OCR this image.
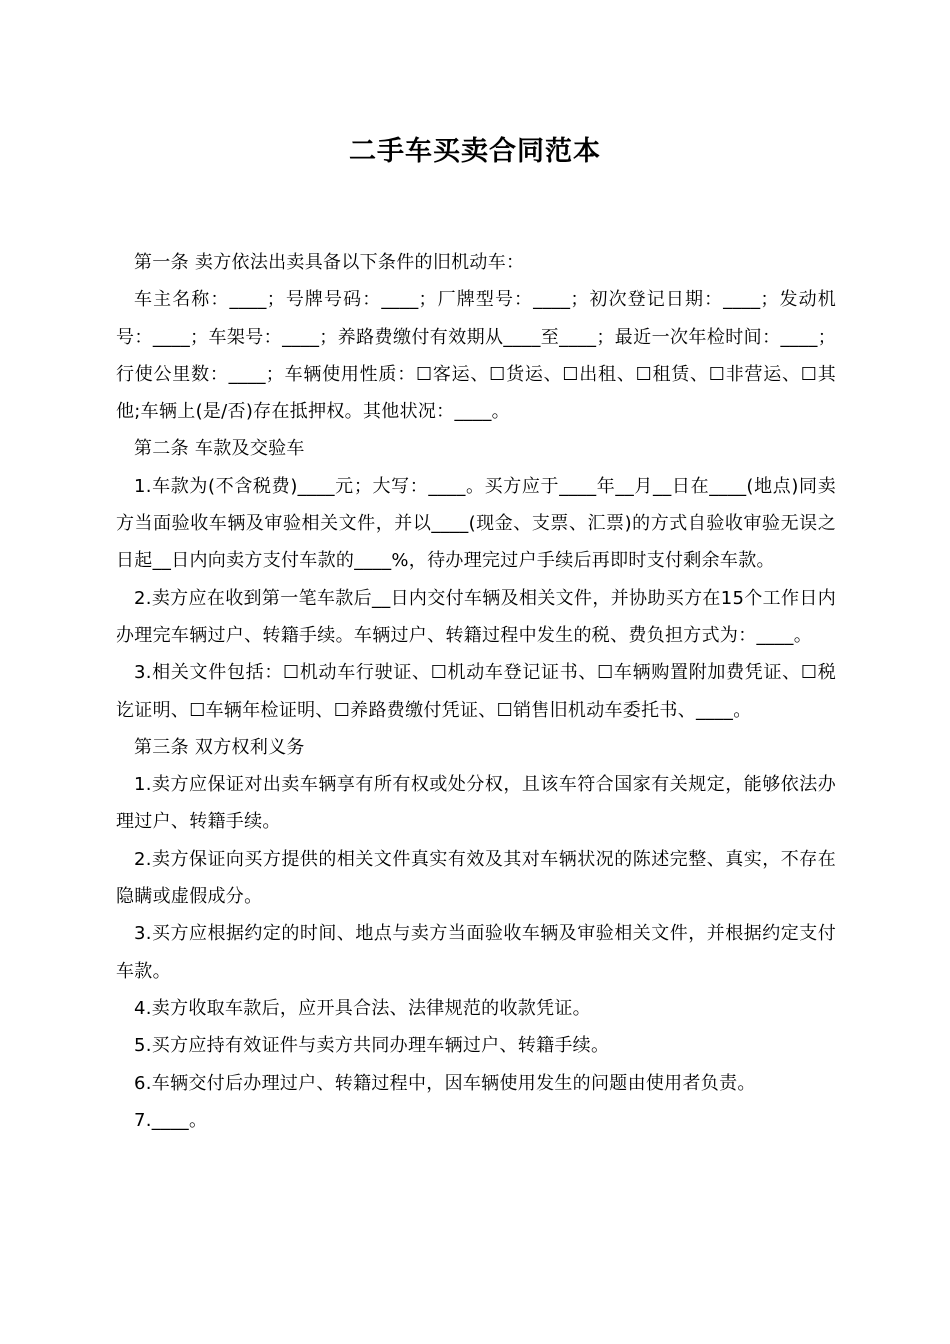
二手车买卖合同范本

第一条 卖方依法出卖具备以下条件的旧机动车：

车主名称：____；号牌号码：____；厂牌型号：____；初次登记日期：____；发动机号：____；车架号：____；养路费缴付有效期从____至____；最近一次年检时间：____；行使公里数：____；车辆使用性质：☐客运、☐货运、☐出租、☐租赁、☐非营运、☐其他;车辆上(是/否)存在抵押权。其他状况：____。

第二条 车款及交验车

1.车款为(不含税费)____元；大写：____。买方应于____年__月__日在____(地点)同卖方当面验收车辆及审验相关文件，并以____(现金、支票、汇票)的方式自验收审验无误之日起__日内向卖方支付车款的____%，待办理完过户手续后再即时支付剩余车款。

2.卖方应在收到第一笔车款后__日内交付车辆及相关文件，并协助买方在15个工作日内办理完车辆过户、转籍手续。车辆过户、转籍过程中发生的税、费负担方式为：____。

3.相关文件包括：☐机动车行驶证、☐机动车登记证书、☐车辆购置附加费凭证、☐税讫证明、☐车辆年检证明、☐养路费缴付凭证、☐销售旧机动车委托书、____。

第三条 双方权利义务

1.卖方应保证对出卖车辆享有所有权或处分权，且该车符合国家有关规定，能够依法办理过户、转籍手续。

2.卖方保证向买方提供的相关文件真实有效及其对车辆状况的陈述完整、真实，不存在隐瞒或虚假成分。

3.买方应根据约定的时间、地点与卖方当面验收车辆及审验相关文件，并根据约定支付车款。

4.卖方收取车款后，应开具合法、法律规范的收款凭证。

5.买方应持有效证件与卖方共同办理车辆过户、转籍手续。

6.车辆交付后办理过户、转籍过程中，因车辆使用发生的问题由使用者负责。

7.____。
